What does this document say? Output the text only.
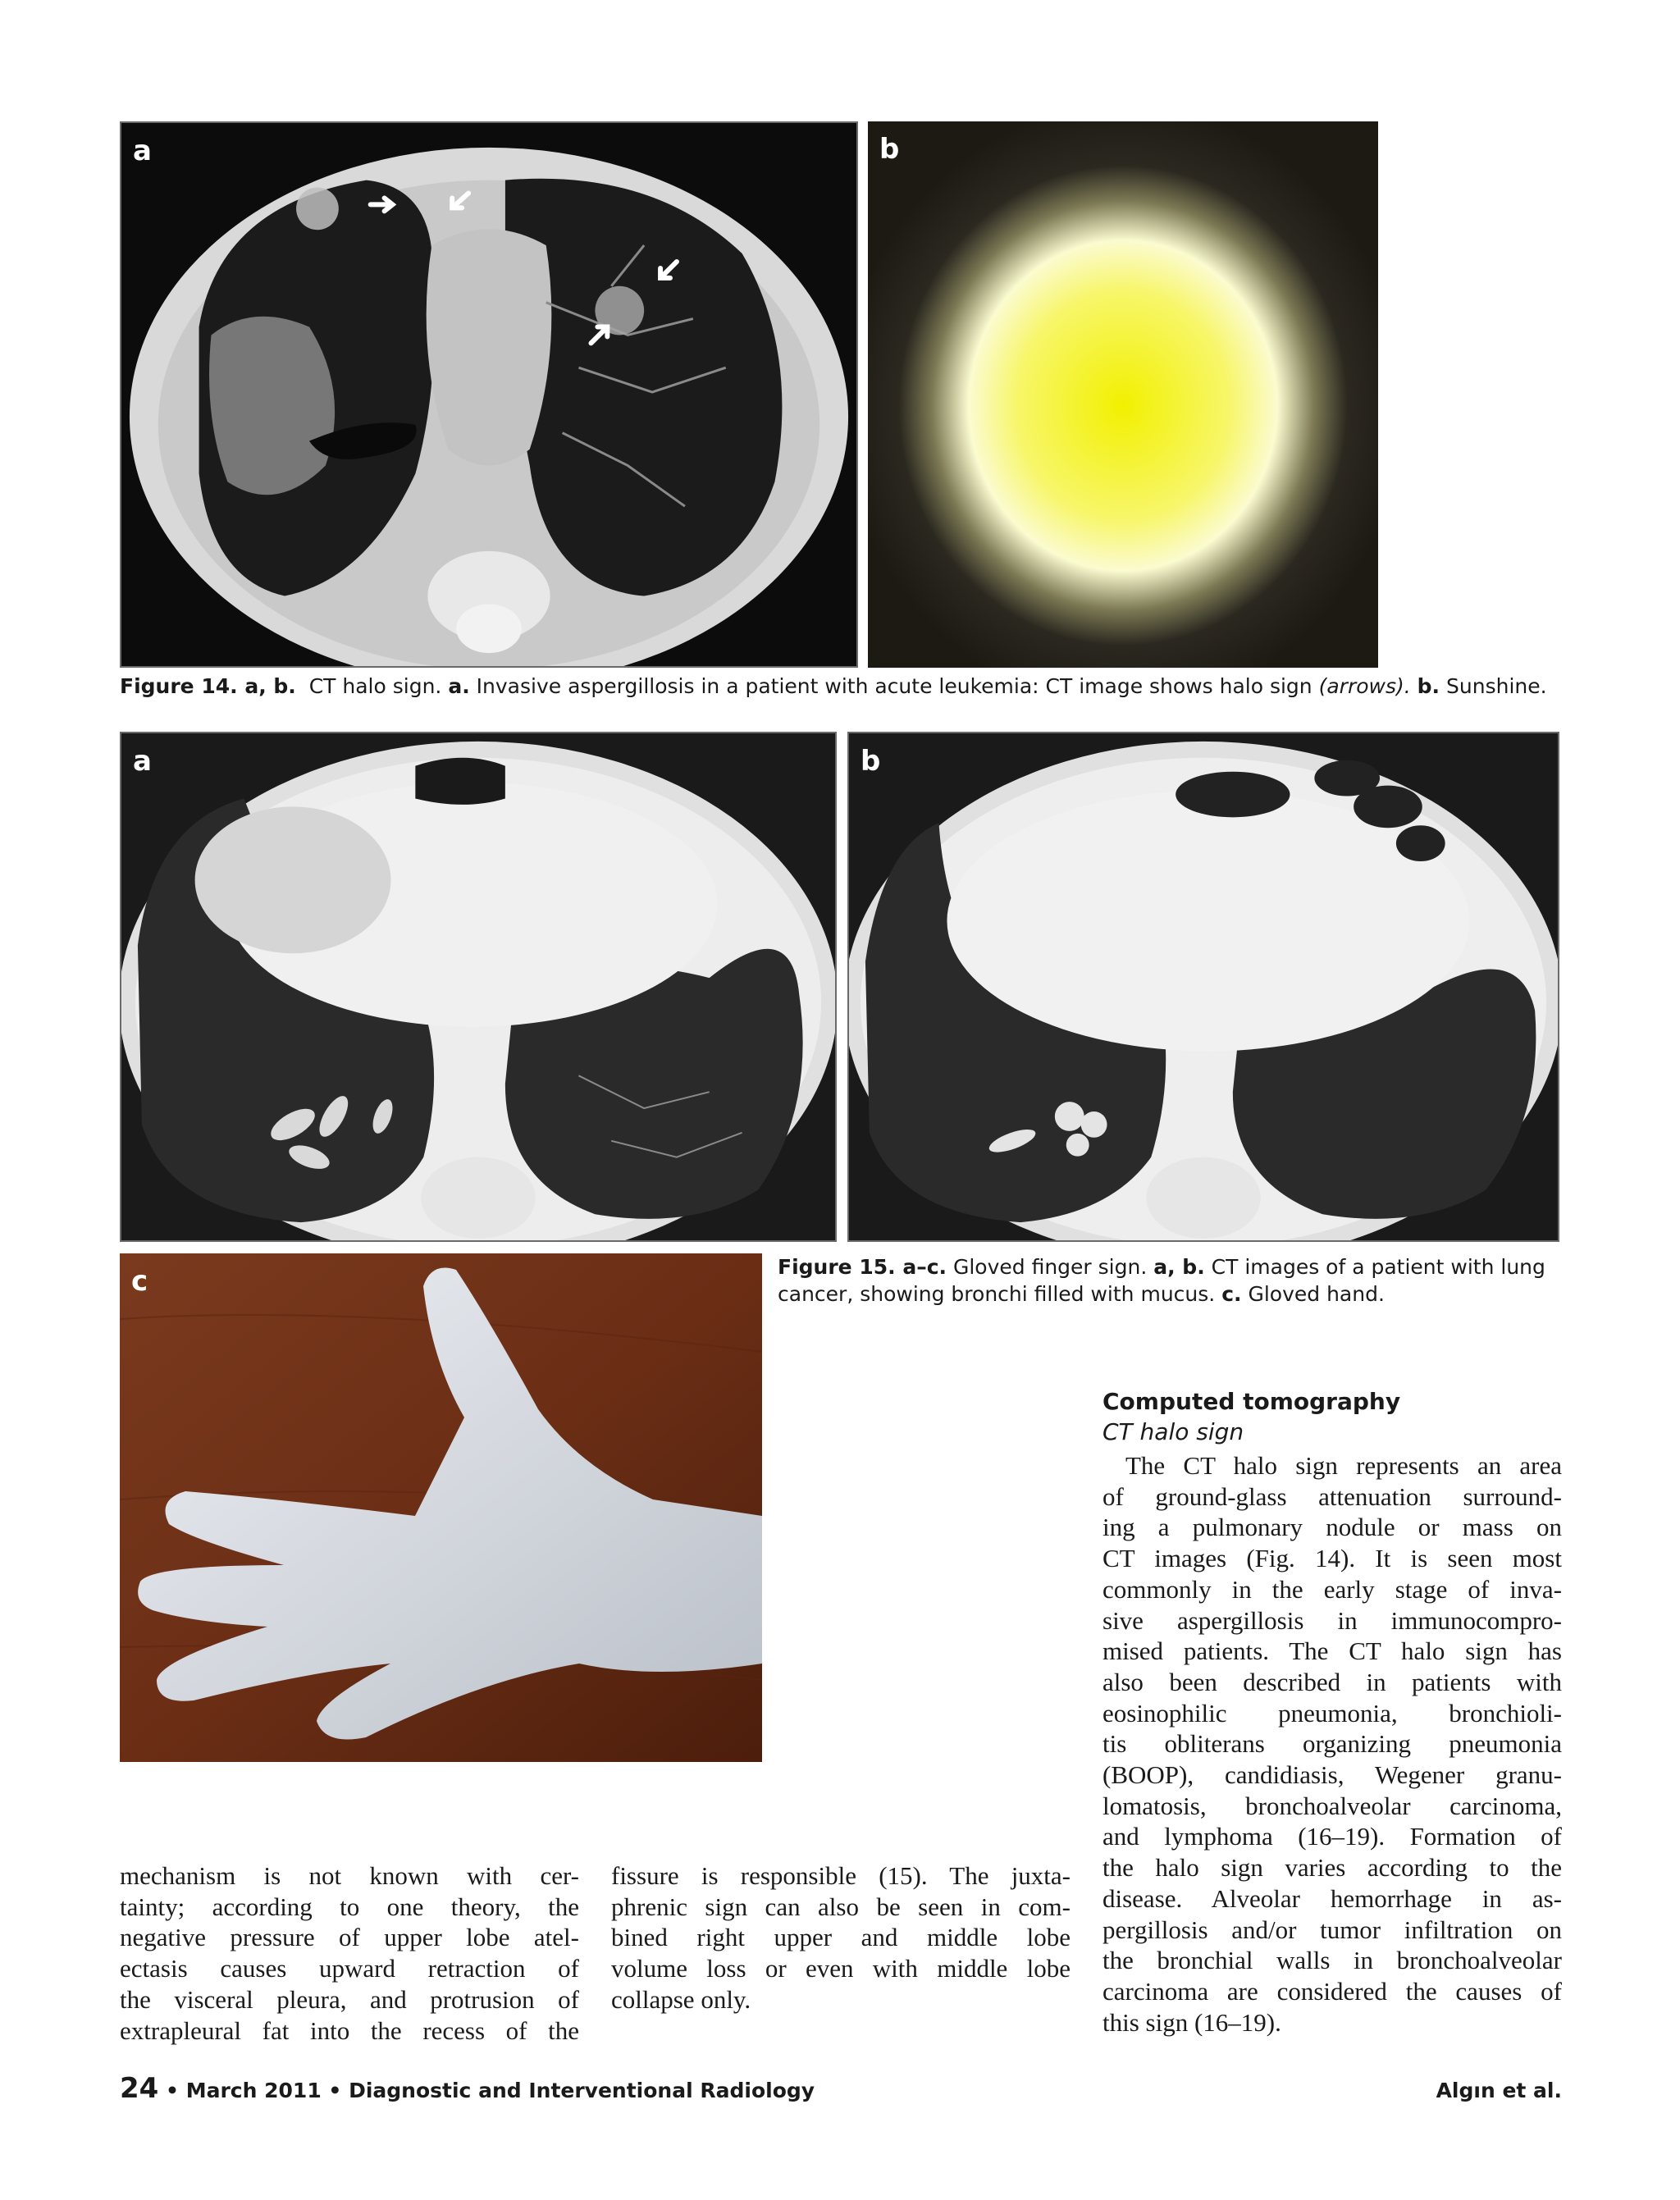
a	b
Figure 14. a, b. CT halo sign. a. Invasive aspergillosis in a patient with acute leukemia: CT image shows halo sign (arrows). b. Sunshine.
a	b
c	Figure 15. a–c. Gloved finger sign. a, b. CT images of a patient with lung cancer, showing bronchi filled with mucus. c. Gloved hand.
Computed tomography
CT halo sign
The CT halo sign represents an area
of ground-glass attenuation surround-
ing a pulmonary nodule or mass on
CT images (Fig. 14). It is seen most
commonly in the early stage of inva-
sive aspergillosis in immunocompro-
mised patients. The CT halo sign has
also been described in patients with
eosinophilic pneumonia, bronchioli-
tis obliterans organizing pneumonia
(BOOP), candidiasis, Wegener granu-
lomatosis, bronchoalveolar carcinoma,
and lymphoma (16–19). Formation of
the halo sign varies according to the
disease. Alveolar hemorrhage in as-
pergillosis and/or tumor infiltration on
the bronchial walls in bronchoalveolar
carcinoma are considered the causes of
this sign (16–19).
mechanism is not known with cer-
tainty; according to one theory, the
negative pressure of upper lobe atel-
ectasis causes upward retraction of
the visceral pleura, and protrusion of
extrapleural fat into the recess of the
fissure is responsible (15). The juxta-
phrenic sign can also be seen in com-
bined right upper and middle lobe
volume loss or even with middle lobe
collapse only.
24 • March 2011 • Diagnostic and Interventional Radiology	Algın et al.
